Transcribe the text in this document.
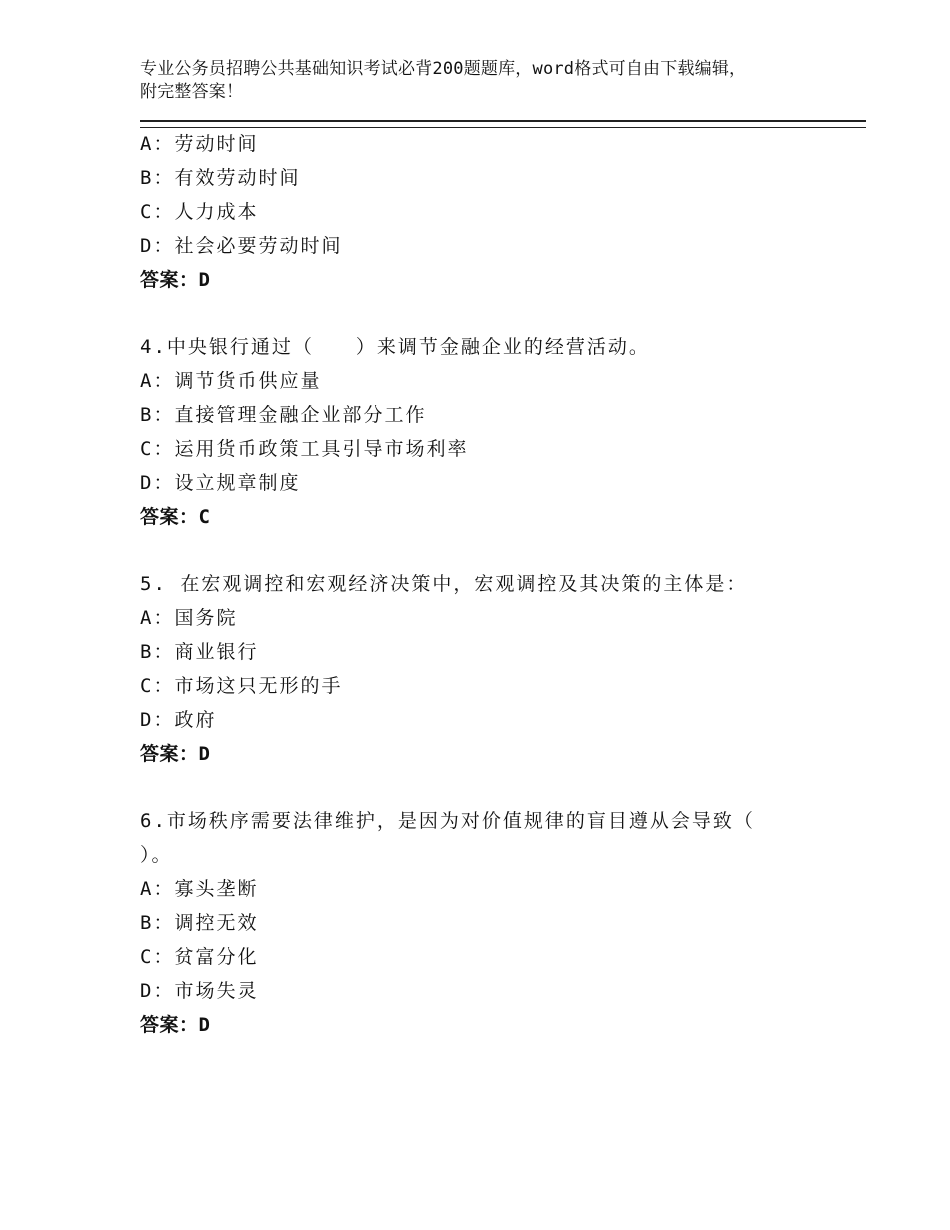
专业公务员招聘公共基础知识考试必背200题题库，word格式可自由下载编辑，
附完整答案！
A：劳动时间
B：有效劳动时间
C：人力成本
D：社会必要劳动时间
答案：D
4.中央银行通过（　　）来调节金融企业的经营活动。
A：调节货币供应量
B：直接管理金融企业部分工作
C：运用货币政策工具引导市场利率
D：设立规章制度
答案：C
5. 在宏观调控和宏观经济决策中，宏观调控及其决策的主体是：
A：国务院
B：商业银行
C：市场这只无形的手
D：政府
答案：D
6.市场秩序需要法律维护，是因为对价值规律的盲目遵从会导致（
）。
A：寡头垄断
B：调控无效
C：贫富分化
D：市场失灵
答案：D
